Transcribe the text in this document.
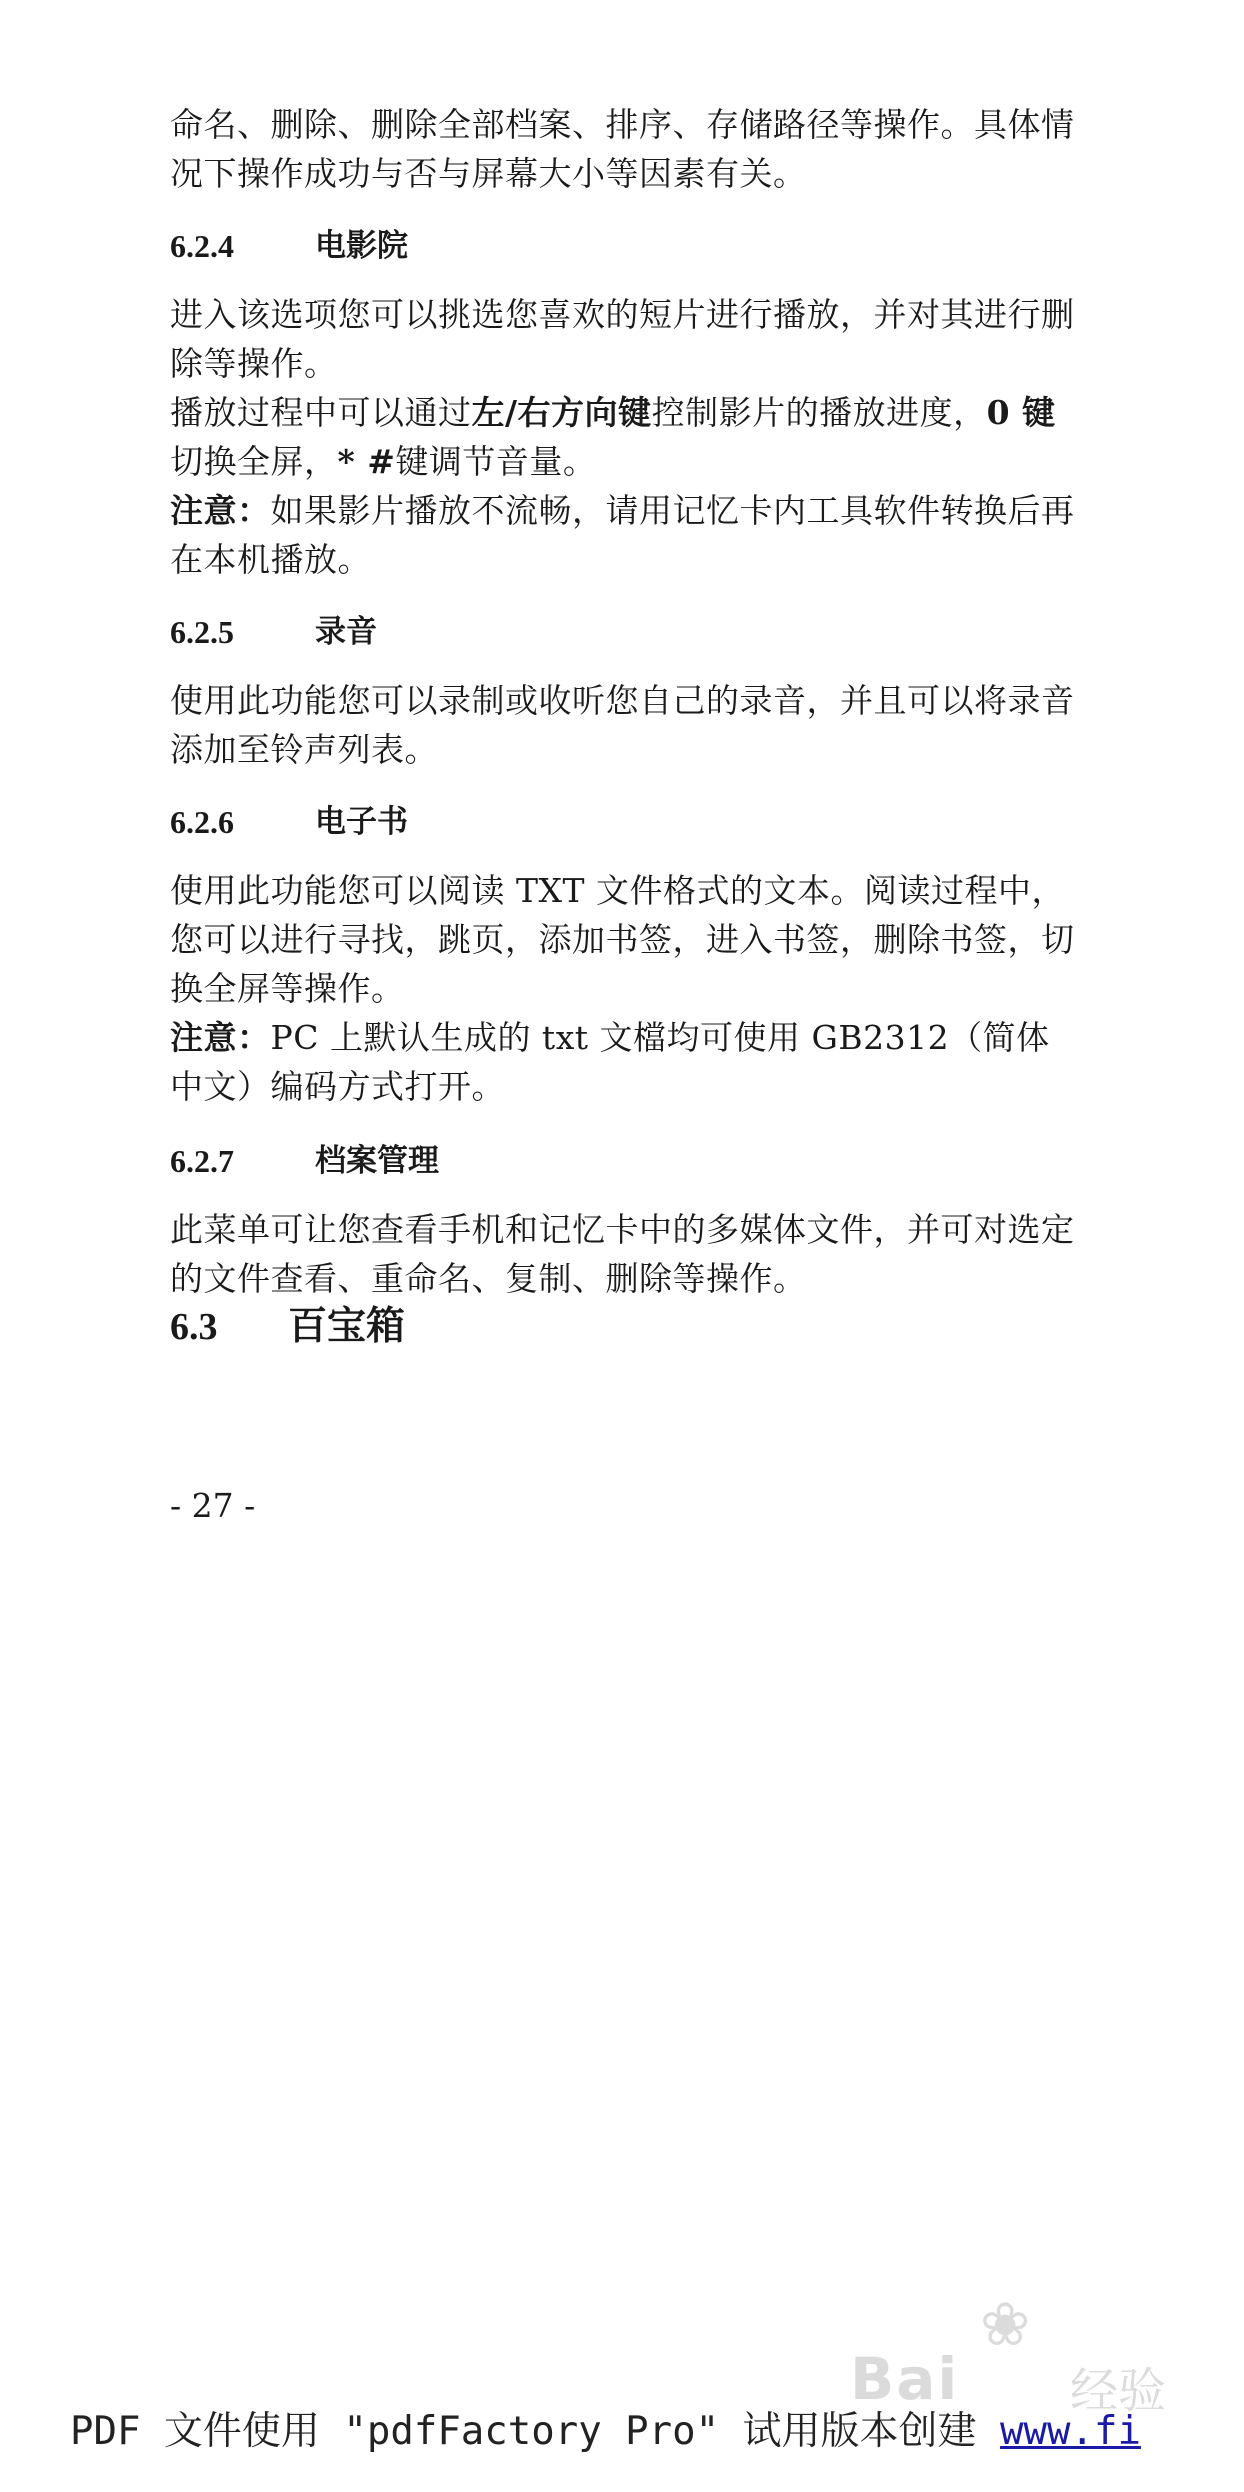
命名、删除、删除全部档案、排序、存储路径等操作。具体情况下操作成功与否与屏幕大小等因素有关。

6.2.4	电影院

进入该选项您可以挑选您喜欢的短片进行播放，并对其进行删除等操作。

播放过程中可以通过左/右方向键控制影片的播放进度，0 键切换全屏，* #键调节音量。

注意：如果影片播放不流畅，请用记忆卡内工具软件转换后再在本机播放。

6.2.5	录音

使用此功能您可以录制或收听您自己的录音，并且可以将录音添加至铃声列表。

6.2.6	电子书

使用此功能您可以阅读 TXT 文件格式的文本。阅读过程中，您可以进行寻找，跳页，添加书签，进入书签，删除书签，切换全屏等操作。

注意：PC 上默认生成的 txt 文檔均可使用 GB2312（简体中文）编码方式打开。

6.2.7	档案管理

此菜单可让您查看手机和记忆卡中的多媒体文件，并可对选定的文件查看、重命名、复制、删除等操作。

6.3	百宝箱
- 27 -
❀
Bai 经验
PDF 文件使用 "pdfFactory Pro" 试用版本创建 www.fi
